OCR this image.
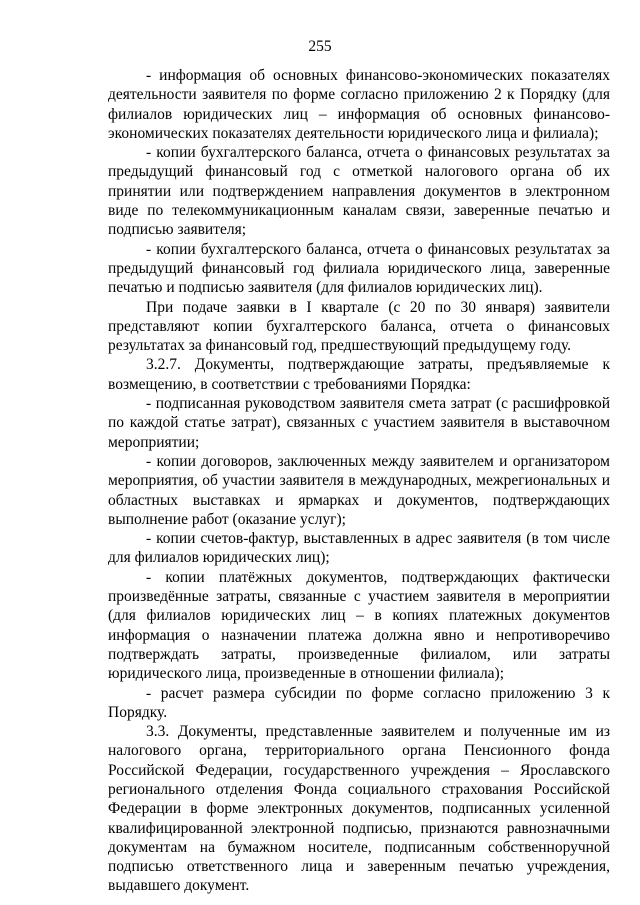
255

- информация об основных финансово-экономических показателях деятельности заявителя по форме согласно приложению 2 к Порядку (для филиалов юридических лиц – информация об основных финансово-экономических показателях деятельности юридического лица и филиала);

- копии бухгалтерского баланса, отчета о финансовых результатах за предыдущий финансовый год с отметкой налогового органа об их принятии или подтверждением направления документов в электронном виде по телекоммуникационным каналам связи, заверенные печатью и подписью заявителя;

- копии бухгалтерского баланса, отчета о финансовых результатах за предыдущий финансовый год филиала юридического лица, заверенные печатью и подписью заявителя (для филиалов юридических лиц).

При подаче заявки в I квартале (с 20 по 30 января) заявители представляют копии бухгалтерского баланса, отчета о финансовых результатах за финансовый год, предшествующий предыдущему году.

3.2.7. Документы, подтверждающие затраты, предъявляемые к возмещению, в соответствии с требованиями Порядка:

- подписанная руководством заявителя смета затрат (с расшифровкой по каждой статье затрат), связанных с участием заявителя в выставочном мероприятии;

- копии договоров, заключенных между заявителем и организатором мероприятия, об участии заявителя в международных, межрегиональных и областных выставках и ярмарках и документов, подтверждающих выполнение работ (оказание услуг);

- копии счетов-фактур, выставленных в адрес заявителя (в том числе для филиалов юридических лиц);

- копии платёжных документов, подтверждающих фактически произведённые затраты, связанные с участием заявителя в мероприятии (для филиалов юридических лиц – в копиях платежных документов информация о назначении платежа должна явно и непротиворечиво подтверждать затраты, произведенные филиалом, или затраты юридического лица, произведенные в отношении филиала);

- расчет размера субсидии по форме согласно приложению 3 к Порядку.

3.3. Документы, представленные заявителем и полученные им из налогового органа, территориального органа Пенсионного фонда Российской Федерации, государственного учреждения – Ярославского регионального отделения Фонда социального страхования Российской Федерации в форме электронных документов, подписанных усиленной квалифицированной электронной подписью, признаются равнозначными документам на бумажном носителе, подписанным собственноручной подписью ответственного лица и заверенным печатью учреждения, выдавшего документ.
